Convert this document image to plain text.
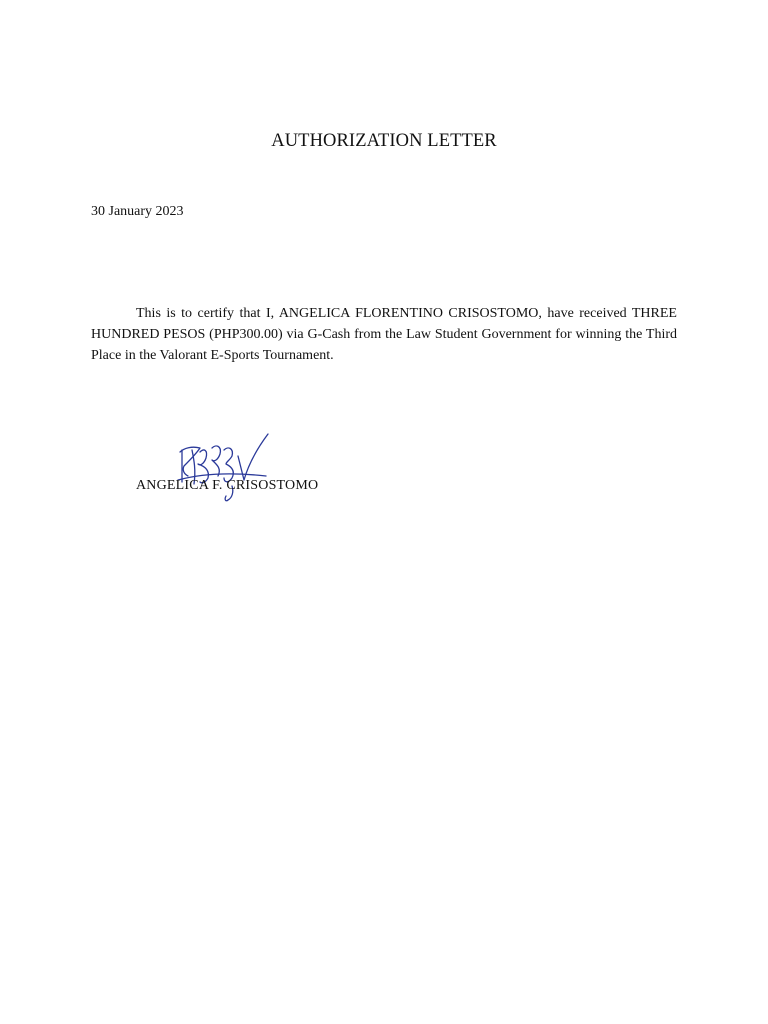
AUTHORIZATION LETTER

30 January 2023

This is to certify that I, ANGELICA FLORENTINO CRISOSTOMO, have received THREE HUNDRED PESOS (PHP300.00) via G-Cash from the Law Student Government for winning the Third Place in the Valorant E-Sports Tournament.

ANGELICA F. CRISOSTOMO
